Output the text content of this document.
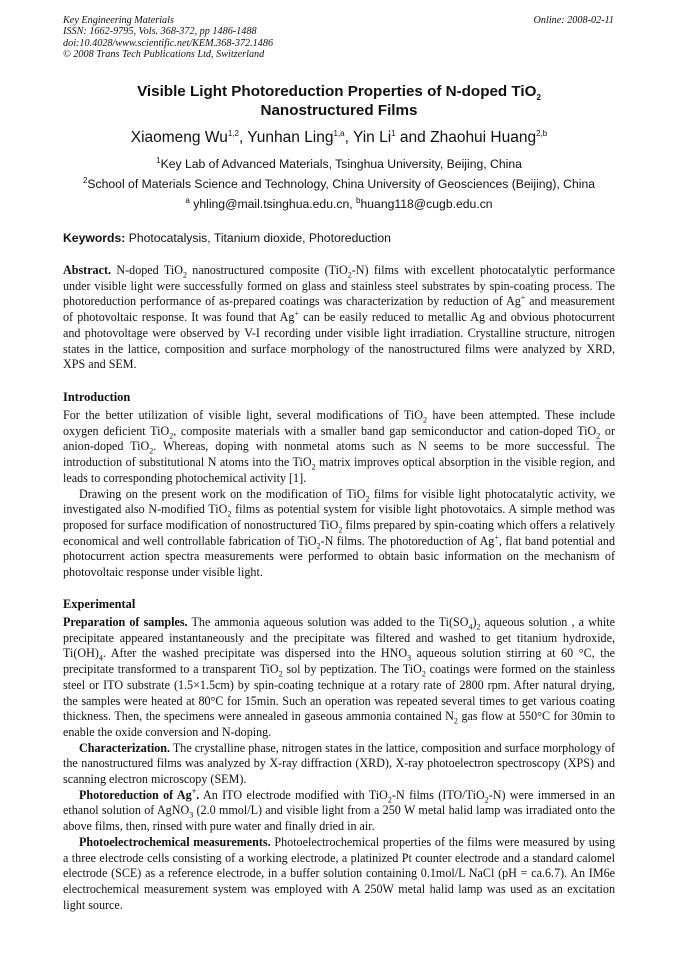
Key Engineering Materials
ISSN: 1662-9795, Vols. 368-372, pp 1486-1488
doi:10.4028/www.scientific.net/KEM.368-372.1486
© 2008 Trans Tech Publications Ltd, Switzerland
Online: 2008-02-11
Visible Light Photoreduction Properties of N-doped TiO$_2$
Nanostructured Films
Xiaomeng Wu$^{1,2}$, Yunhan Ling$^{1,a}$, Yin Li$^1$ and Zhaohui Huang$^{2,b}$
$^1$Key Lab of Advanced Materials, Tsinghua University, Beijing, China
$^2$School of Materials Science and Technology, China University of Geosciences (Beijing), China
$^a$ yhling@mail.tsinghua.edu.cn, $^b$huang118@cugb.edu.cn
Keywords: Photocatalysis, Titanium dioxide, Photoreduction

Abstract. N-doped TiO$_2$ nanostructured composite (TiO$_2$-N) films with excellent photocatalytic performance under visible light were successfully formed on glass and stainless steel substrates by spin-coating process. The photoreduction performance of as-prepared coatings was characterization by reduction of Ag+ and measurement of photovoltaic response. It was found that Ag+ can be easily reduced to metallic Ag and obvious photocurrent and photovoltage were observed by V-I recording under visible light irradiation. Crystalline structure, nitrogen states in the lattice, composition and surface morphology of the nanostructured films were analyzed by XRD, XPS and SEM.

Introduction

For the better utilization of visible light, several modifications of TiO$_2$ have been attempted. These include oxygen deficient TiO$_2$, composite materials with a smaller band gap semiconductor and cation-doped TiO$_2$ or anion-doped TiO$_2$. Whereas, doping with nonmetal atoms such as N seems to be more successful. The introduction of substitutional N atoms into the TiO$_2$ matrix improves optical absorption in the visible region, and leads to corresponding photochemical activity [1].

Drawing on the present work on the modification of TiO$_2$ films for visible light photocatalytic activity, we investigated also N-modified TiO$_2$ films as potential system for visible light photovotaics. A simple method was proposed for surface modification of nonostructured TiO$_2$ films prepared by spin-coating which offers a relatively economical and well controllable fabrication of TiO$_2$-N films. The photoreduction of Ag+, flat band potential and photocurrent action spectra measurements were performed to obtain basic information on the mechanism of photovoltaic response under visible light.

Experimental

Preparation of samples. The ammonia aqueous solution was added to the $Ti(SO_4)_2$ aqueous solution , a white precipitate appeared instantaneously and the precipitate was filtered and washed to get titanium hydroxide, $Ti(OH)_4$. After the washed precipitate was dispersed into the $HNO_3$ aqueous solution stirring at 60 °C, the precipitate transformed to a transparent TiO$_2$ sol by peptization. The TiO$_2$ coatings were formed on the stainless steel or ITO substrate (1.5×1.5cm) by spin-coating technique at a rotary rate of 2800 rpm. After natural drying, the samples were heated at 80°C for 15min. Such an operation was repeated several times to get various coating thickness. Then, the specimens were annealed in gaseous ammonia contained $N_2$ gas flow at 550°C for 30min to enable the oxide conversion and N-doping.

Characterization. The crystalline phase, nitrogen states in the lattice, composition and surface morphology of the nanostructured films was analyzed by X-ray diffraction (XRD), X-ray photoelectron spectroscopy (XPS) and scanning electron microscopy (SEM).

Photoreduction of Ag+. An ITO electrode modified with TiO$_2$-N films (ITO/TiO$_2$-N) were immersed in an ethanol solution of AgNO$_3$ (2.0 mmol/L) and visible light from a 250 W metal halid lamp was irradiated onto the above films, then, rinsed with pure water and finally dried in air.

Photoelectrochemical measurements. Photoelectrochemical properties of the films were measured by using a three electrode cells consisting of a working electrode, a platinized Pt counter electrode and a standard calomel electrode (SCE) as a reference electrode, in a buffer solution containing 0.1mol/L NaCl (pH = ca.6.7). An IM6e electrochemical measurement system was employed with A 250W metal halid lamp was used as an excitation light source.
